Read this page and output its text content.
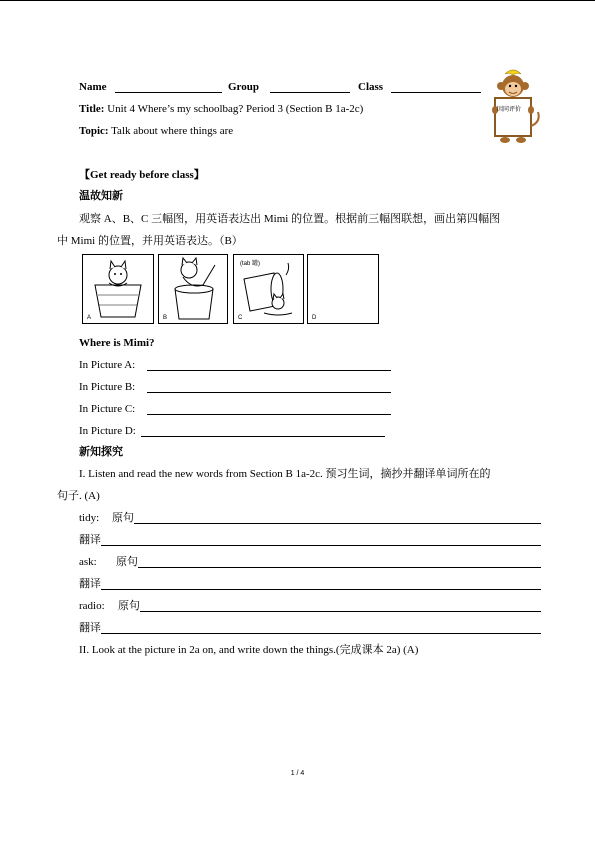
Name	Group	Class
Title: Unit 4 Where’s my schoolbag? Period 3 (Section B 1a-2c)
Topic: Talk about where things are
因同评价
【Get ready before class】
温故知新
观察 A、B、C 三幅图，用英语表达出 Mimi 的位置。根据前三幅图联想，画出第四幅图
中 Mimi 的位置，并用英语表达。（B）
A	B
(tab 罐)
C	D
Where is Mimi?
In Picture A:
In Picture B:
In Picture C:
In Picture D:
新知探究
I. Listen and read the new words from Section B 1a-2c. 预习生词，摘抄并翻译单词所在的
句子. (A)
tidy: 原句
翻译
ask: 原句
翻译
radio: 原句
翻译
II. Look at the picture in 2a on, and write down the things.(完成课本 2a) (A)
1 / 4
